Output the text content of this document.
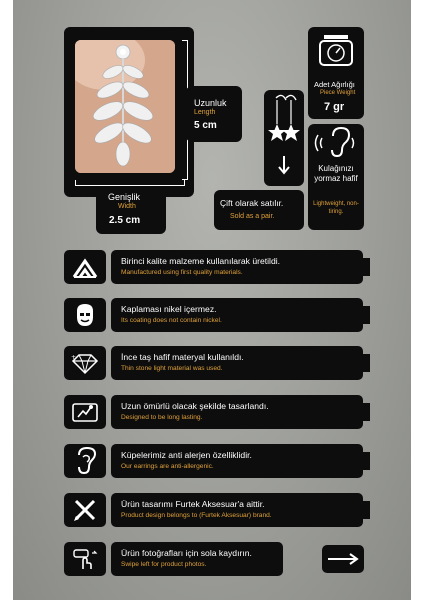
Uzunluk
Length
5 cm
Genişlik
Width
2.5 cm
Adet Ağırlığı
Piece Weight
7 gr
Kulağınızı yormaz hafif
Lightweight, non-tiring.
Çift olarak satılır.
Sold as a pair.
Birinci kalite malzeme kullanılarak üretildi.
Manufactured using first quality materials.
Kaplaması nikel içermez.
Its coating does not contain nickel.
+	İnce taş hafif materyal kullanıldı.
Thin stone light material was used.
Uzun ömürlü olacak şekilde tasarlandı.
Designed to be long lasting.
Küpelerimiz anti alerjen özelliklidir.
Our earrings are anti-allergenic.
Ürün tasarımı Furtek Aksesuar'a aittir.
Product design belongs to (Furtek Aksesuar) brand.
Ürün fotoğrafları için sola kaydırın.
Swipe left for product photos.
